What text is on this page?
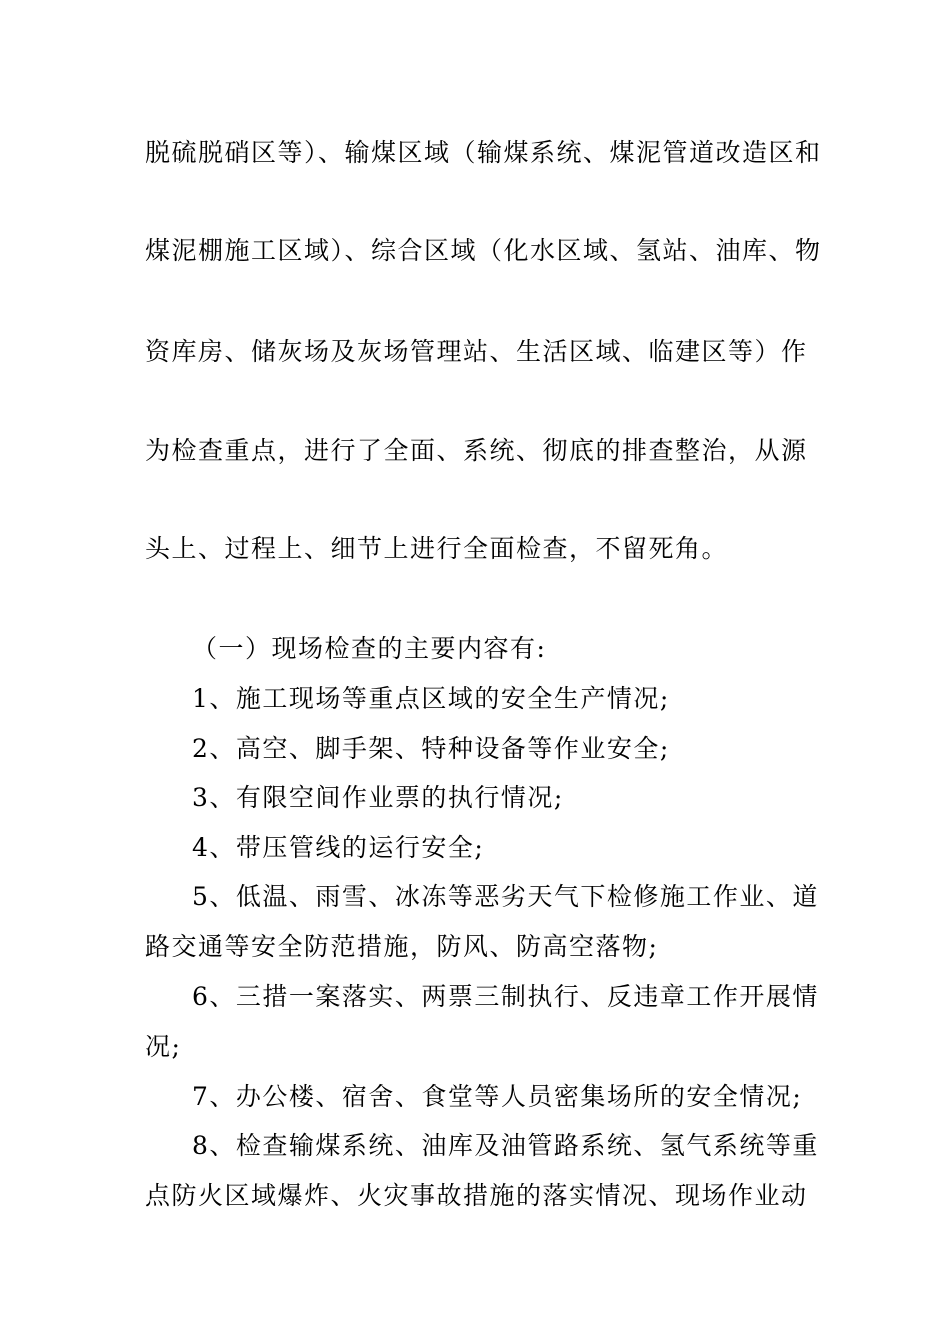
脱硫脱硝区等）、输煤区域（输煤系统、煤泥管道改造区和
煤泥棚施工区域）、综合区域（化水区域、氢站、油库、物
资库房、储灰场及灰场管理站、生活区域、临建区等）作
为检查重点，进行了全面、系统、彻底的排查整治，从源
头上、过程上、细节上进行全面检查，不留死角。
（一）现场检查的主要内容有:
1、施工现场等重点区域的安全生产情况;
2、高空、脚手架、特种设备等作业安全;
3、有限空间作业票的执行情况;
4、带压管线的运行安全;
5、低温、雨雪、冰冻等恶劣天气下检修施工作业、道
路交通等安全防范措施，防风、防高空落物;
6、三措一案落实、两票三制执行、反违章工作开展情
况;
7、办公楼、宿舍、食堂等人员密集场所的安全情况;
8、检查输煤系统、油库及油管路系统、氢气系统等重
点防火区域爆炸、火灾事故措施的落实情况、现场作业动
